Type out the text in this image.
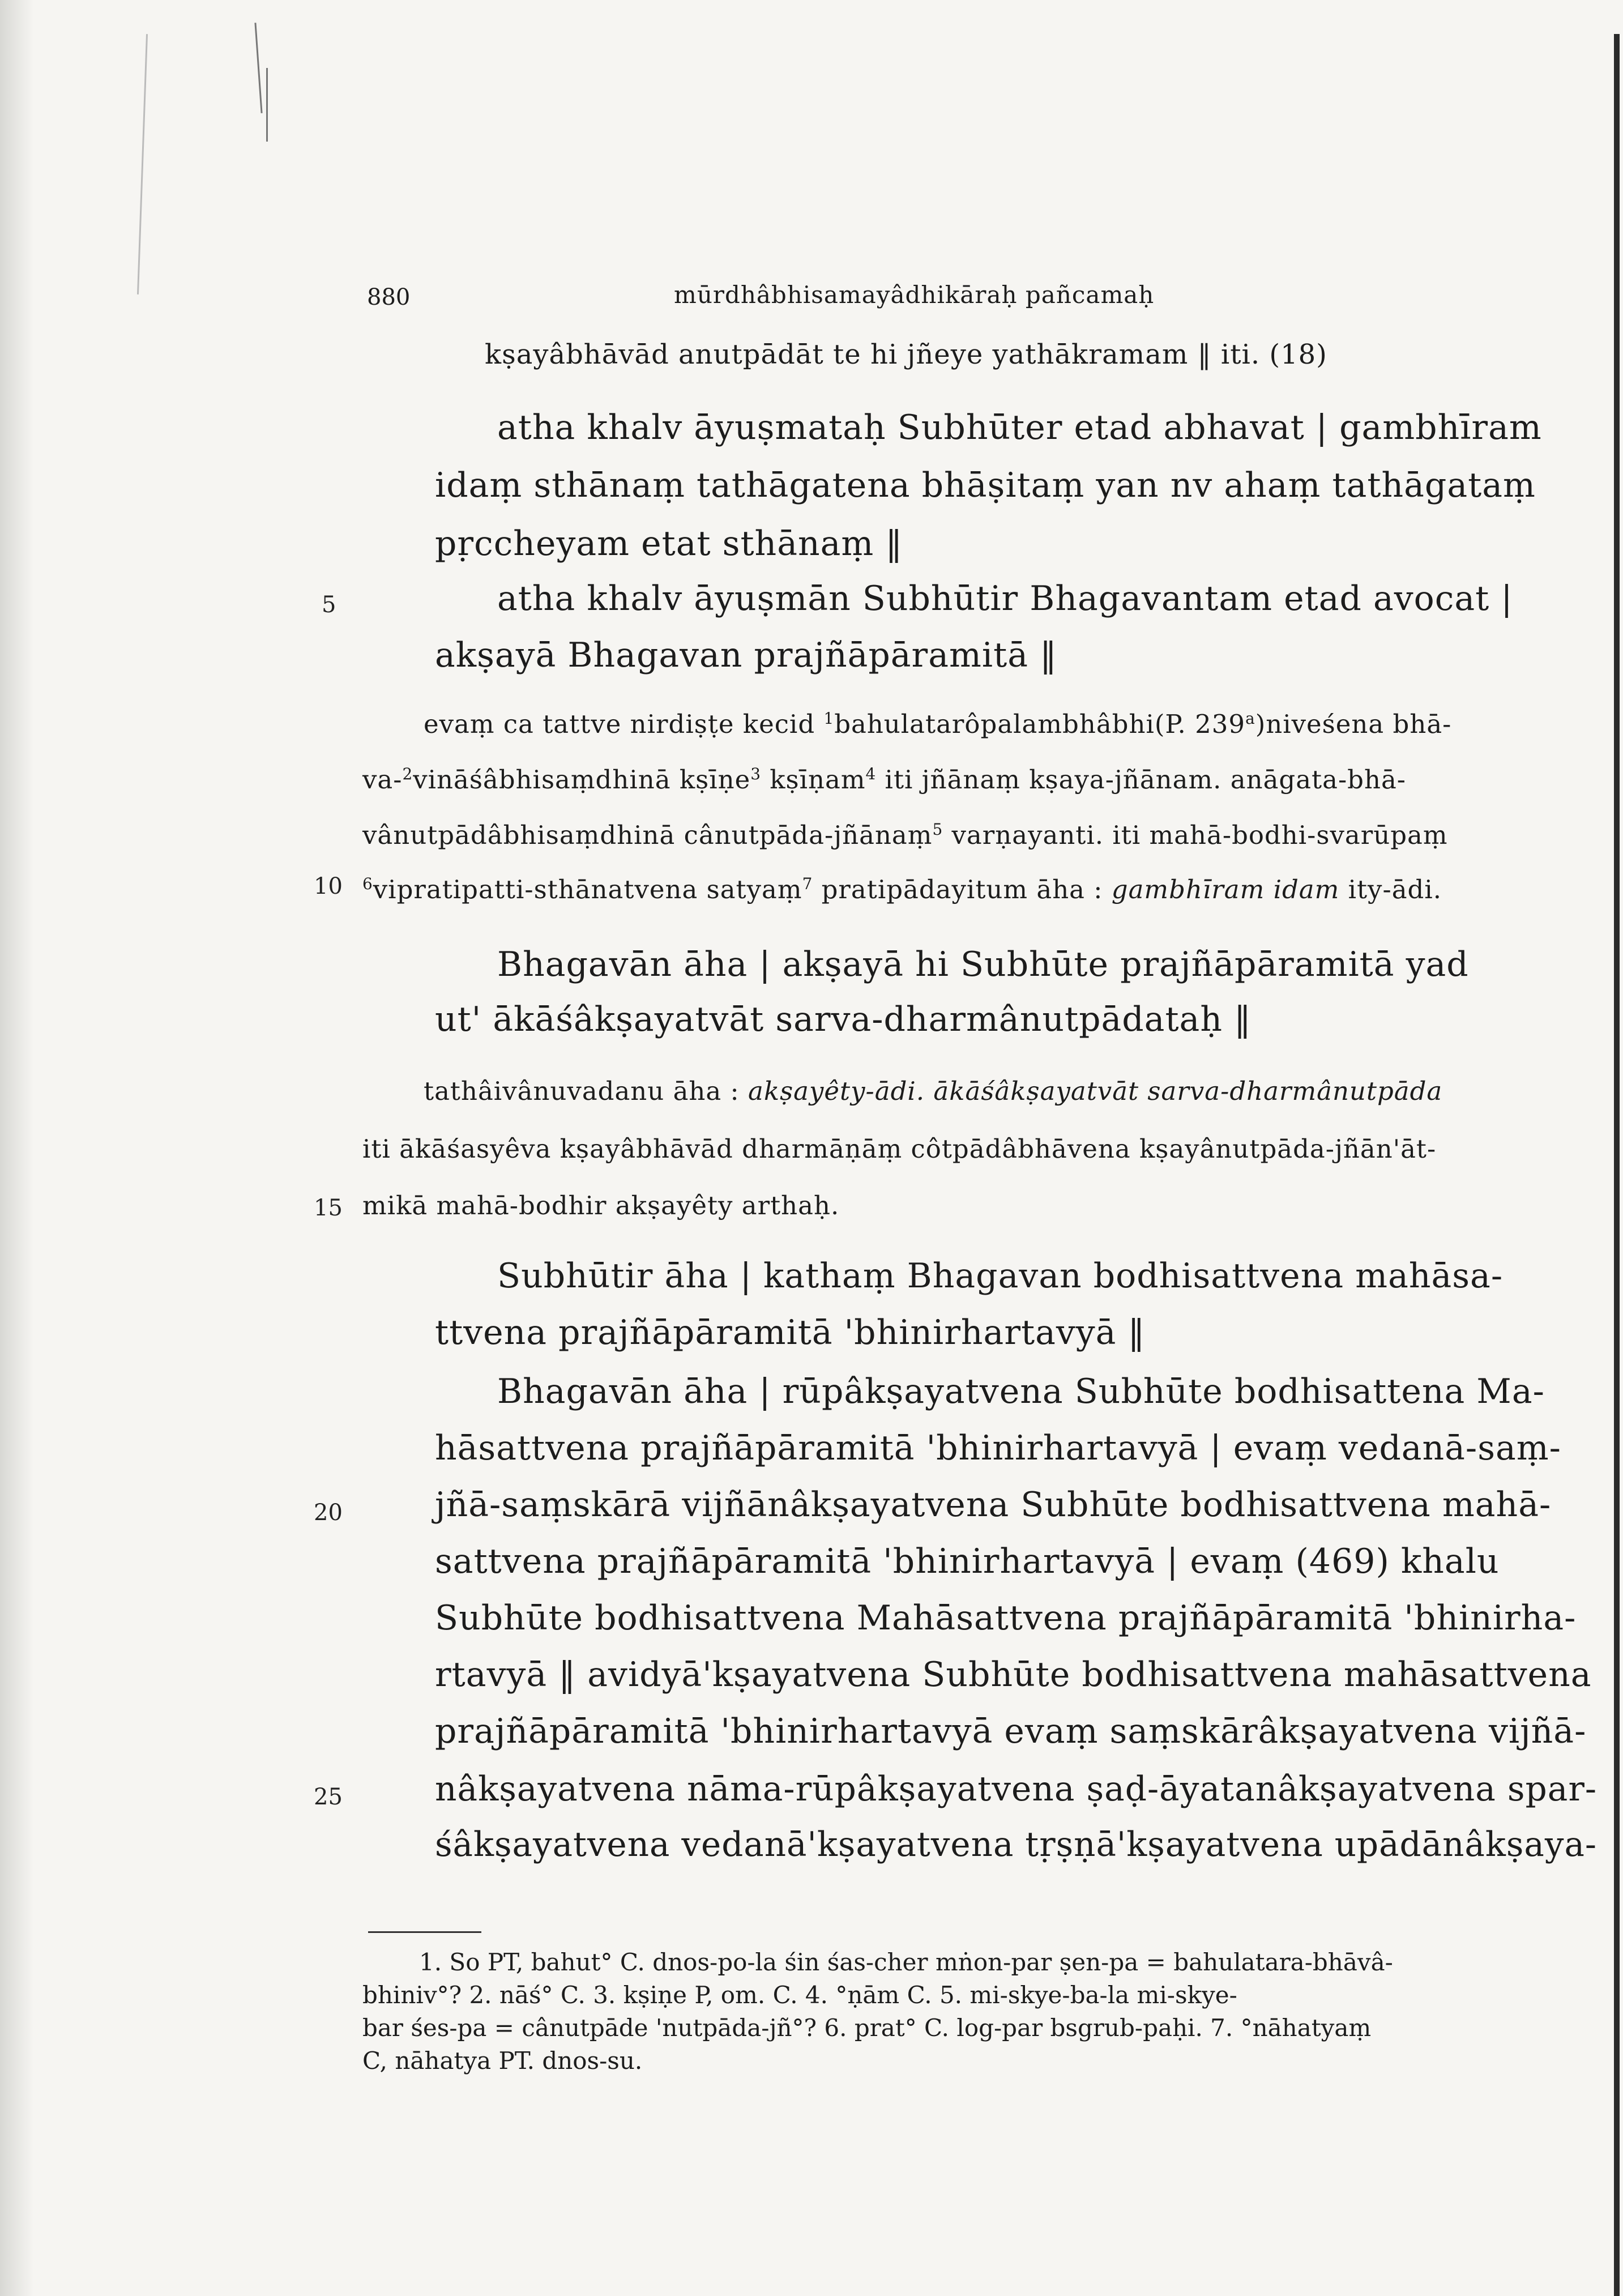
880	mūrdhâbhisamayâdhikāraḥ pañcamaḥ
5
10
15
20
25
kṣayâbhāvād anutpādāt te hi jñeye yathākramam ‖ iti. (18)
atha khalv āyuṣmataḥ Subhūter etad abhavat | gambhīram
idaṃ sthānaṃ tathāgatena bhāṣitaṃ yan nv ahaṃ tathāgataṃ
pṛccheyam etat sthānaṃ ‖
atha khalv āyuṣmān Subhūtir Bhagavantam etad avocat |
akṣayā Bhagavan prajñāpāramitā ‖
evaṃ ca tattve nirdiṣṭe kecid $^1$bahulatarôpalambhâbhi(P. 239$^a$)niveśena bhā-
va-$^2$vināśâbhisaṃdhinā kṣīṇe$^3$ kṣīṇam$^4$ iti jñānaṃ kṣaya-jñānam. anāgata-bhā-
vânutpādâbhisaṃdhinā cânutpāda-jñānaṃ$^5$ varṇayanti. iti mahā-bodhi-svarūpaṃ
$^6$vipratipatti-sthānatvena satyaṃ$^7$ pratipādayitum āha : gambhīram idam ity-ādi.
Bhagavān āha | akṣayā hi Subhūte prajñāpāramitā yad
ut' ākāśâkṣayatvāt sarva-dharmânutpādataḥ ‖
tathâivânuvadanu āha : akṣayêty-ādi. ākāśâkṣayatvāt sarva-dharmânutpāda
iti ākāśasyêva kṣayâbhāvād dharmāṇāṃ côtpādâbhāvena kṣayânutpāda-jñān'āt-
mikā mahā-bodhir akṣayêty arthaḥ.
Subhūtir āha | kathaṃ Bhagavan bodhisattvena mahāsa-
ttvena prajñāpāramitā 'bhinirhartavyā ‖
Bhagavān āha | rūpâkṣayatvena Subhūte bodhisattena Ma-
hāsattvena prajñāpāramitā 'bhinirhartavyā | evaṃ vedanā-saṃ-
jñā-saṃskārā vijñānâkṣayatvena Subhūte bodhisattvena mahā-
sattvena prajñāpāramitā 'bhinirhartavyā | evaṃ (469) khalu
Subhūte bodhisattvena Mahāsattvena prajñāpāramitā 'bhinirha-
rtavyā ‖ avidyā'kṣayatvena Subhūte bodhisattvena mahāsattvena
prajñāpāramitā 'bhinirhartavyā evaṃ saṃskārâkṣayatvena vijñā-
nâkṣayatvena nāma-rūpâkṣayatvena ṣaḍ-āyatanâkṣayatvena spar-
śâkṣayatvena vedanā'kṣayatvena tṛṣṇā'kṣayatvena upādānâkṣaya-
1. So PT, bahut° C. dnos-po-la śin śas-cher mṅon-par ṣen-pa = bahulatara-bhāvâ-
bhiniv°? 2. nāś° C. 3. kṣiṇe P, om. C. 4. °ṇām C. 5. mi-skye-ba-la mi-skye-
bar śes-pa = cânutpāde 'nutpāda-jñ°? 6. prat° C. log-par bsgrub-paḥi. 7. °nāhatyaṃ
C, nāhatya PT. dnos-su.
